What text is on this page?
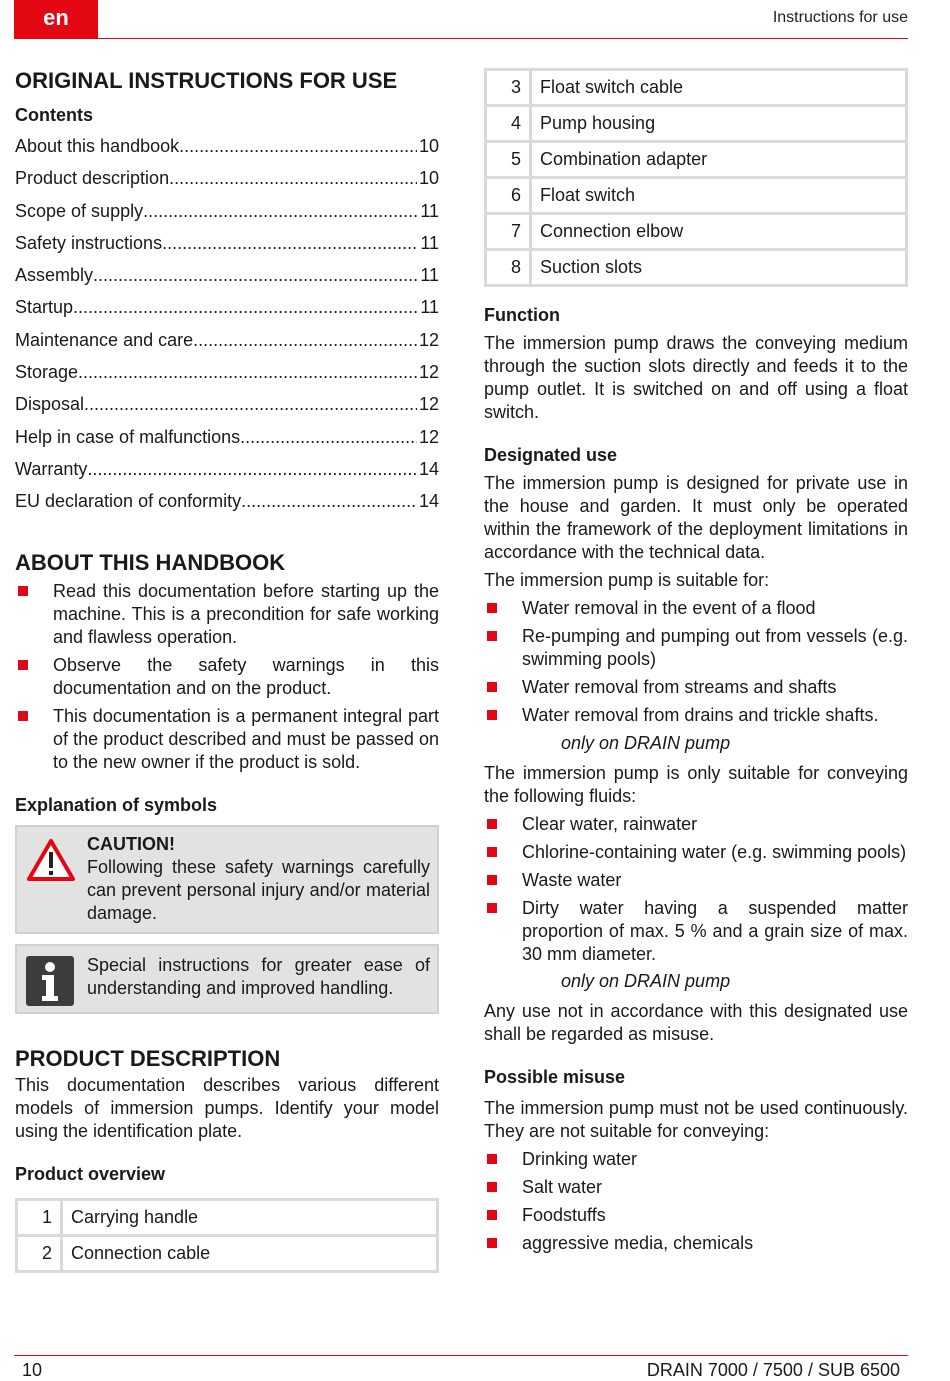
en	Instructions for use
ORIGINAL INSTRUCTIONS FOR USE
Contents
About this handbook .....	10
Product description .....	10
Scope of supply .....	11
Safety instructions .....	11
Assembly .....	11
Startup .....	11
Maintenance and care .....	12
Storage .....	12
Disposal .....	12
Help in case of malfunctions .....	12
Warranty .....	14
EU declaration of conformity .....	14
ABOUT THIS HANDBOOK
Read this documentation before starting up the machine. This is a precondition for safe working and flawless operation.
Observe the safety warnings in this documentation and on the product.
This documentation is a permanent integral part of the product described and must be passed on to the new owner if the product is sold.
Explanation of symbols
CAUTION!

Following these safety warnings carefully can prevent personal injury and/or material damage.

Special instructions for greater ease of understanding and improved handling.

PRODUCT DESCRIPTION

This documentation describes various different models of immersion pumps. Identify your model using the identification plate.

Product overview
1	Carrying handle
2	Connection cable
3	Float switch cable
4	Pump housing
5	Combination adapter
6	Float switch
7	Connection elbow
8	Suction slots
Function

The immersion pump draws the conveying medium through the suction slots directly and feeds it to the pump outlet. It is switched on and off using a float switch.

Designated use

The immersion pump is designed for private use in the house and garden. It must only be operated within the framework of the deployment limitations in accordance with the technical data.

The immersion pump is suitable for:

Water removal in the event of a flood
Re-pumping and pumping out from vessels (e.g. swimming pools)
Water removal from streams and shafts
Water removal from drains and trickle shafts.
only on DRAIN pump

The immersion pump is only suitable for conveying the following fluids:

Clear water, rainwater
Chlorine-containing water (e.g. swimming pools)
Waste water
Dirty water having a suspended matter proportion of max. 5 % and a grain size of max. 30 mm diameter.
only on DRAIN pump

Any use not in accordance with this designated use shall be regarded as misuse.

Possible misuse

The immersion pump must not be used continuously. They are not suitable for conveying:

Drinking water
Salt water
Foodstuffs
aggressive media, chemicals
10	DRAIN 7000 / 7500 / SUB 6500
